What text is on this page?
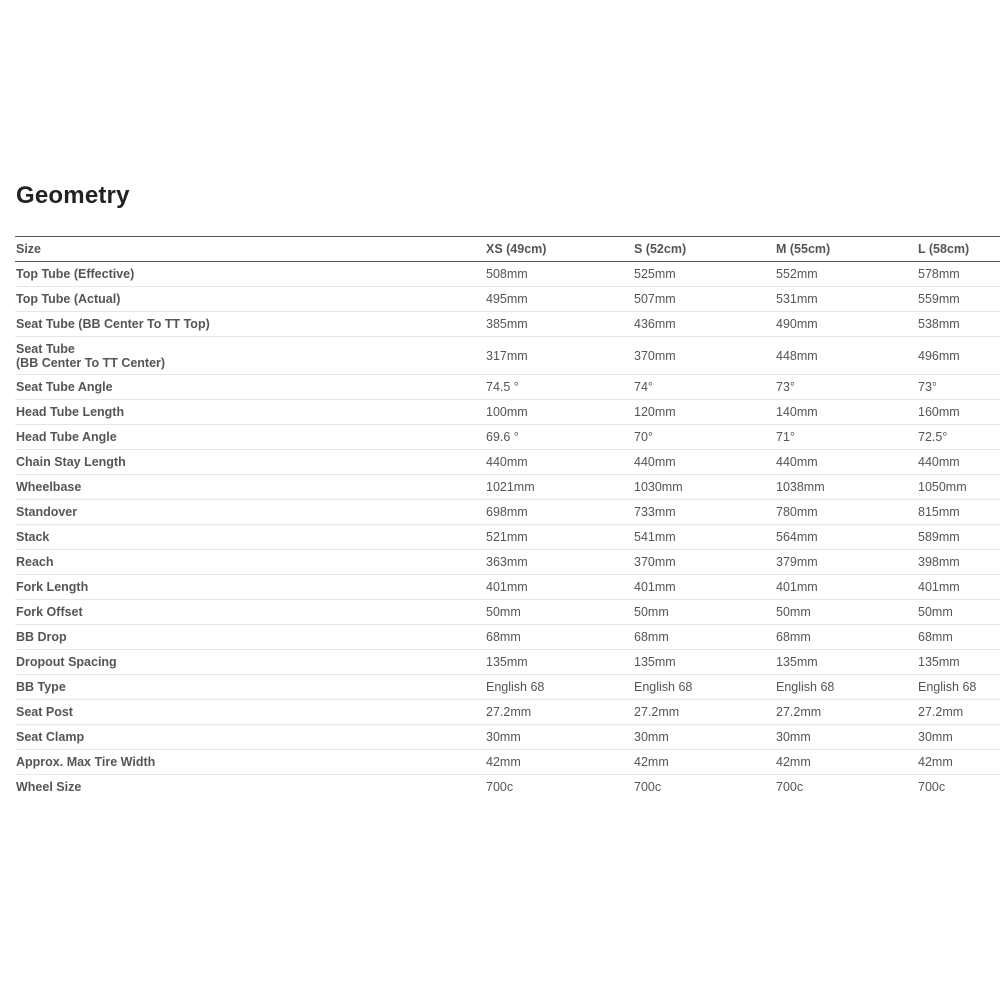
Geometry
Size	XS (49cm)	S (52cm)	M (55cm)	L (58cm)
Top Tube (Effective)	508mm	525mm	552mm	578mm
Top Tube (Actual)	495mm	507mm	531mm	559mm
Seat Tube (BB Center To TT Top)	385mm	436mm	490mm	538mm
Seat Tube
(BB Center To TT Center)	317mm	370mm	448mm	496mm
Seat Tube Angle	74.5 °	74°	73°	73°
Head Tube Length	100mm	120mm	140mm	160mm
Head Tube Angle	69.6 °	70°	71°	72.5°
Chain Stay Length	440mm	440mm	440mm	440mm
Wheelbase	1021mm	1030mm	1038mm	1050mm
Standover	698mm	733mm	780mm	815mm
Stack	521mm	541mm	564mm	589mm
Reach	363mm	370mm	379mm	398mm
Fork Length	401mm	401mm	401mm	401mm
Fork Offset	50mm	50mm	50mm	50mm
BB Drop	68mm	68mm	68mm	68mm
Dropout Spacing	135mm	135mm	135mm	135mm
BB Type	English 68	English 68	English 68	English 68
Seat Post	27.2mm	27.2mm	27.2mm	27.2mm
Seat Clamp	30mm	30mm	30mm	30mm
Approx. Max Tire Width	42mm	42mm	42mm	42mm
Wheel Size	700c	700c	700c	700c
